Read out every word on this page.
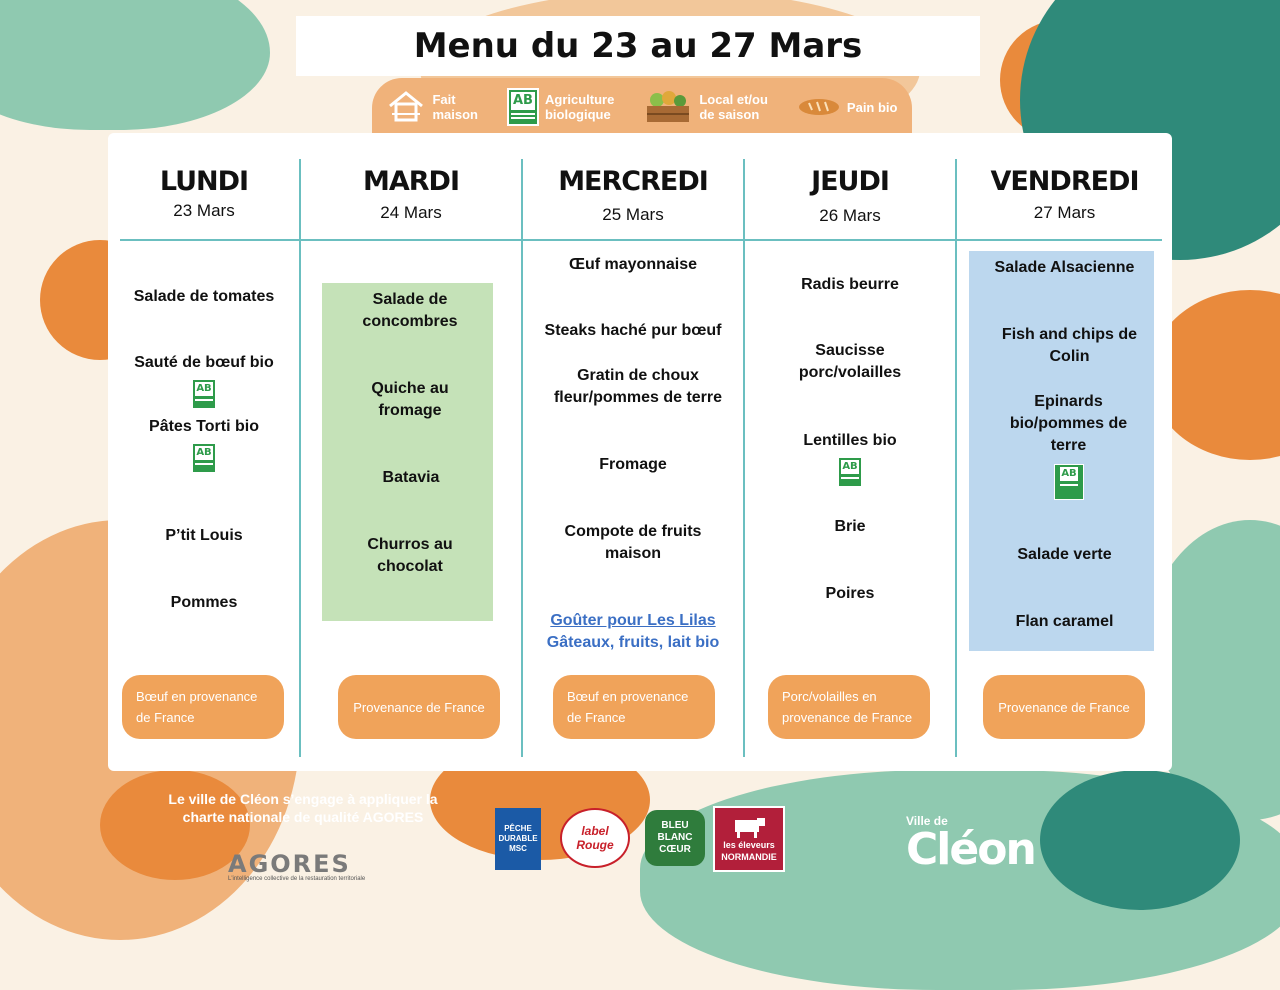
Menu du 23 au 27 Mars
Fait
maison
AB Agriculture
biologique
Local et/ou
de saison	Pain bio
LUNDI
23 Mars
Salade de tomates
Sauté de bœuf bio
AB
Pâtes Torti bio
AB
P’tit Louis
Pommes
Bœuf en provenance de France
MARDI
24 Mars
Salade de concombres
Quiche au fromage
Batavia
Churros au chocolat
Provenance de France
MERCREDI
25 Mars
Œuf mayonnaise
Steaks haché pur bœuf
Gratin de choux fleur/pommes de terre
Fromage
Compote de fruits maison
Goûter pour Les Lilas
Gâteaux, fruits, lait bio
Bœuf en provenance de France
JEUDI
26 Mars
Radis beurre
Saucisse porc/volailles
Lentilles bio
AB
Brie
Poires
Porc/volailles en provenance de France
VENDREDI
27 Mars
Salade Alsacienne
Fish and chips de Colin
Epinards bio/pommes de terre
AB
Salade verte
Flan caramel
Provenance de France
Le ville de Cléon s’engage à appliquer la charte nationale de qualité AGORES
AGORES
L'intelligence collective de la restauration territoriale
PÊCHE
DURABLE
MSC
label Rouge
BLEU
BLANC
CŒUR	les éleveurs
NORMANDIE
Ville de
Cléon
